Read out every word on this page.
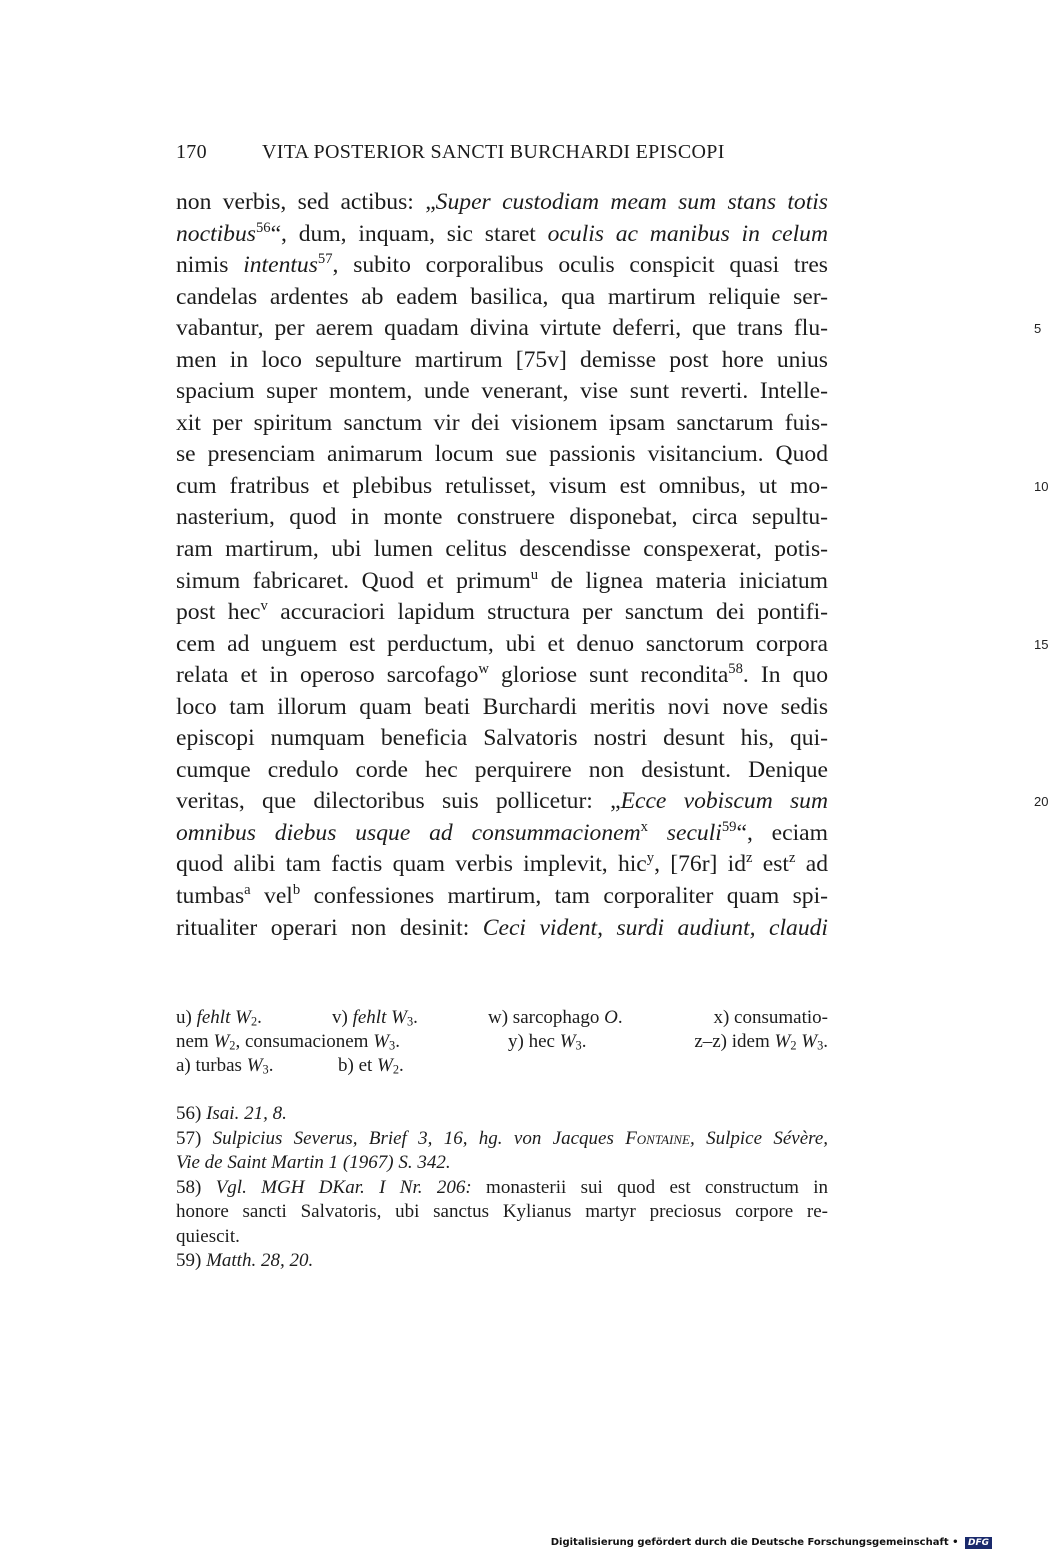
170	VITA POSTERIOR SANCTI BURCHARDI EPISCOPI
non verbis, sed actibus: „Super custodiam meam sum stans totis
noctibus$^{56}$“, dum, inquam, sic staret oculis ac manibus in celum
nimis intentus$^{57}$, subito corporalibus oculis conspicit quasi tres
candelas ardentes ab eadem basilica, qua martirum reliquie ser-
vabantur, per aerem quadam divina virtute deferri, que trans flu-	5
men in loco sepulture martirum [75v] demisse post hore unius
spacium super montem, unde venerant, vise sunt reverti. Intelle-
xit per spiritum sanctum vir dei visionem ipsam sanctarum fuis-
se presenciam animarum locum sue passionis visitancium. Quod
cum fratribus et plebibus retulisset, visum est omnibus, ut mo-	10
nasterium, quod in monte construere disponebat, circa sepultu-
ram martirum, ubi lumen celitus descendisse conspexerat, potis-
simum fabricaret. Quod et primum$^u$ de lignea materia iniciatum
post hec$^v$ accuraciori lapidum structura per sanctum dei pontifi-
cem ad unguem est perductum, ubi et denuo sanctorum corpora	15
relata et in operoso sarcofago$^w$ gloriose sunt recondita$^{58}$. In quo
loco tam illorum quam beati Burchardi meritis novi nove sedis
episcopi numquam beneficia Salvatoris nostri desunt his, qui-
cumque credulo corde hec perquirere non desistunt. Denique
veritas, que dilectoribus suis pollicetur: „Ecce vobiscum sum	20
omnibus diebus usque ad consummacionem$^x$ seculi$^{59}$“, eciam
quod alibi tam factis quam verbis implevit, hic$^y$, [76r] $id^z$ est$^z$ ad
tumbas$^a$ vel$^b$ confessiones martirum, tam corporaliter quam spi-
ritualiter operari non desinit: Ceci vident, surdi audiunt, claudi
u) fehlt $W_2$.	v) fehlt $W_3$.	w) sarcophago O.	x) consumatio-
nem $W_2$, consumacionem $W_3$.	y) hec $W_3$.	z–z) idem $W_2$ $W_3$.
a) turbas $W_3$.	b) et $W_2$.
56) Isai. 21, 8.
57) Sulpicius Severus, Brief 3, 16, hg. von Jacques Fontaine, Sulpice Sévère,
Vie de Saint Martin 1 (1967) S. 342.
58) Vgl. MGH DKar. I Nr. 206: monasterii sui quod est constructum in
honore sancti Salvatoris, ubi sanctus Kylianus martyr preciosus corpore re-
quiescit.
59) Matth. 28, 20.
Digitalisierung gefördert durch die Deutsche Forschungsgemeinschaft • DFG
